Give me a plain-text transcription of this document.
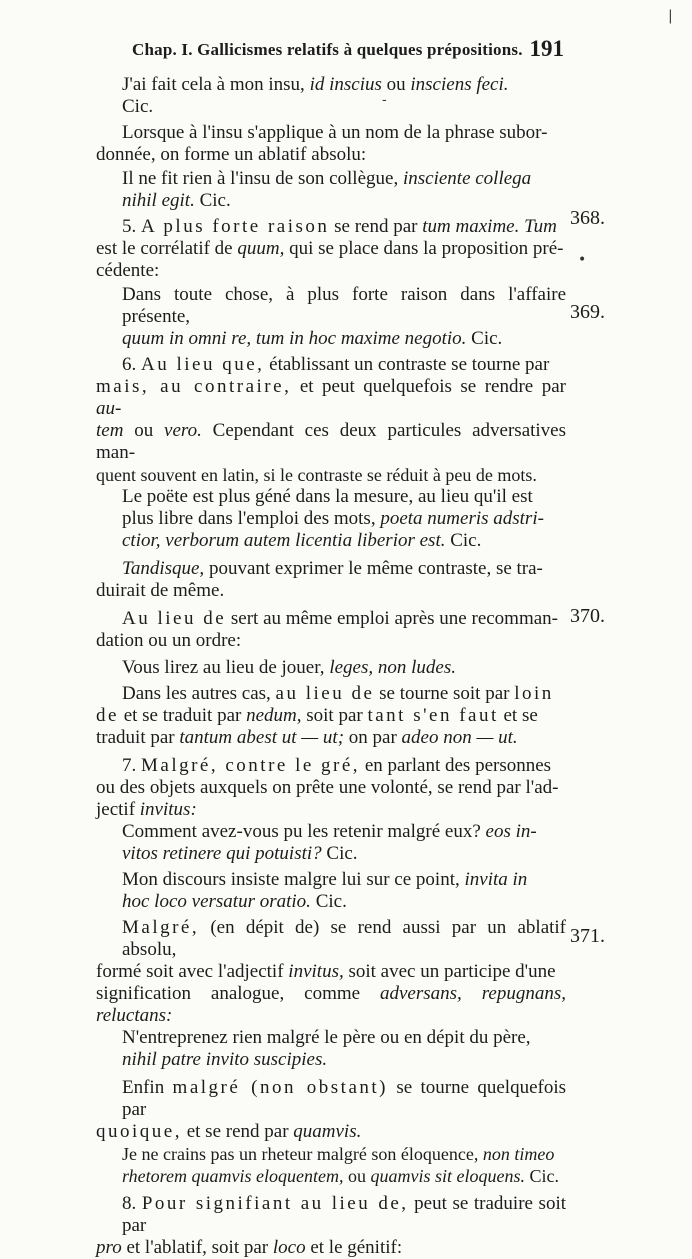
Chap. I. Gallicismes relatifs à quelques prépositions. 191
|
-
•
368.
369.
370.
371.
J'ai fait cela à mon insu, id inscius ou insciens feci.
Cic.
Lorsque à l'insu s'applique à un nom de la phrase subor-
donnée, on forme un ablatif absolu:
Il ne fit rien à l'insu de son collègue, insciente collega
nihil egit. Cic.
5. A plus forte raison se rend par tum maxime. Tum
est le corrélatif de quum, qui se place dans la proposition pré-
cédente:
Dans toute chose, à plus forte raison dans l'affaire présente,
quum in omni re, tum in hoc maxime negotio. Cic.
6. Au lieu que, établissant un contraste se tourne par
mais, au contraire, et peut quelquefois se rendre par au-
tem ou vero. Cependant ces deux particules adversatives man-
quent souvent en latin, si le contraste se réduit à peu de mots.
Le poëte est plus géné dans la mesure, au lieu qu'il est
plus libre dans l'emploi des mots, poeta numeris adstri-
ctior, verborum autem licentia liberior est. Cic.
Tandisque, pouvant exprimer le même contraste, se tra-
duirait de même.
Au lieu de sert au même emploi après une recomman-
dation ou un ordre:
Vous lirez au lieu de jouer, leges, non ludes.
Dans les autres cas, au lieu de se tourne soit par loin
de et se traduit par nedum, soit par tant s'en faut et se
traduit par tantum abest ut — ut; on par adeo non — ut.
7. Malgré, contre le gré, en parlant des personnes
ou des objets auxquels on prête une volonté, se rend par l'ad-
jectif invitus:
Comment avez-vous pu les retenir malgré eux? eos in-
vitos retinere qui potuisti? Cic.
Mon discours insiste malgre lui sur ce point, invita in
hoc loco versatur oratio. Cic.
Malgré, (en dépit de) se rend aussi par un ablatif absolu,
formé soit avec l'adjectif invitus, soit avec un participe d'une
signification analogue, comme adversans, repugnans, reluctans:
N'entreprenez rien malgré le père ou en dépit du père,
nihil patre invito suscipies.
Enfin malgré (non obstant) se tourne quelquefois par
quoique, et se rend par quamvis.
Je ne crains pas un rheteur malgré son éloquence, non timeo
rhetorem quamvis eloquentem, ou quamvis sit eloquens. Cic.
8. Pour signifiant au lieu de, peut se traduire soit par
pro et l'ablatif, soit par loco et le génitif:
